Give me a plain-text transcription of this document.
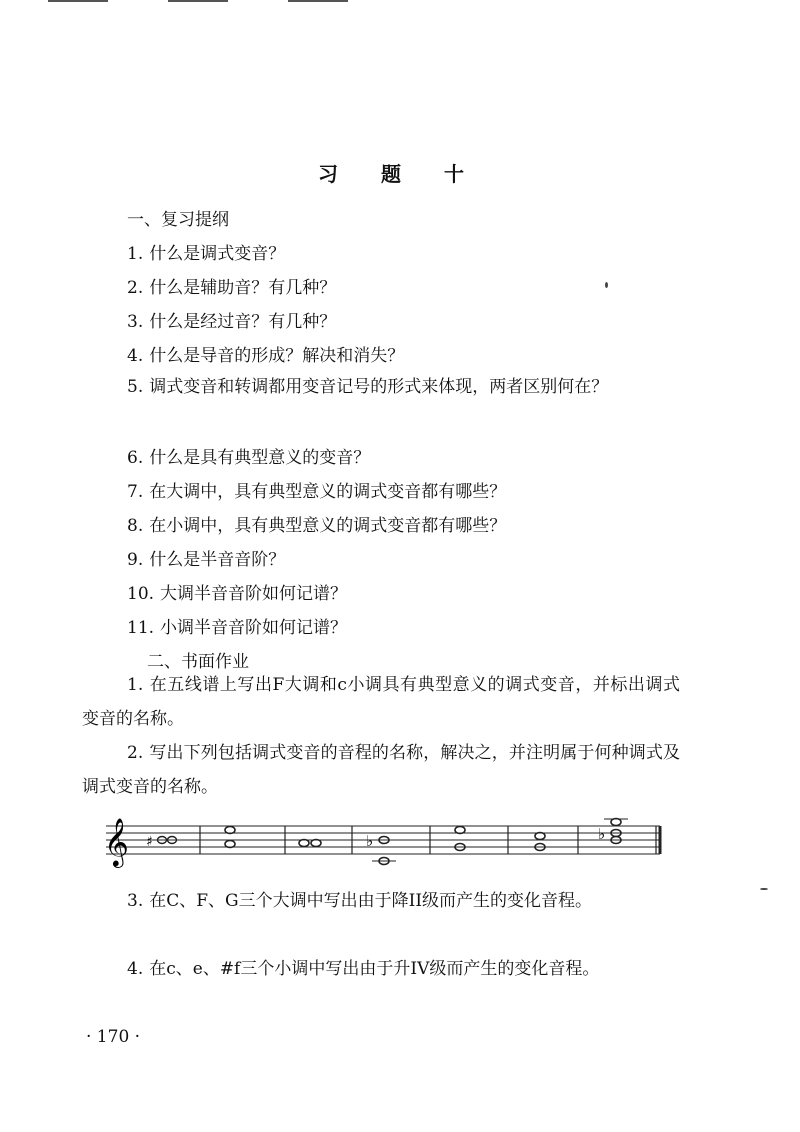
习 题 十
一、复习提纲
1. 什么是调式变音？
2. 什么是辅助音？有几种？
3. 什么是经过音？有几种？
4. 什么是导音的形成？解决和消失？
5. 调式变音和转调都用变音记号的形式来体现，两者区别何在？
6. 什么是具有典型意义的变音？
7. 在大调中，具有典型意义的调式变音都有哪些？
8. 在小调中，具有典型意义的调式变音都有哪些？
9. 什么是半音音阶？
10. 大调半音音阶如何记谱？
11. 小调半音音阶如何记谱？
二、书面作业
1. 在五线谱上写出F大调和c小调具有典型意义的调式变音，并标出调式变音的名称。
2. 写出下列包括调式变音的音程的名称，解决之，并注明属于何种调式及调式变音的名称。
𝄞 ♯	♭	♭
3. 在C、F、G三个大调中写出由于降II级而产生的变化音程。
4. 在c、e、#f三个小调中写出由于升IV级而产生的变化音程。
· 170 ·
